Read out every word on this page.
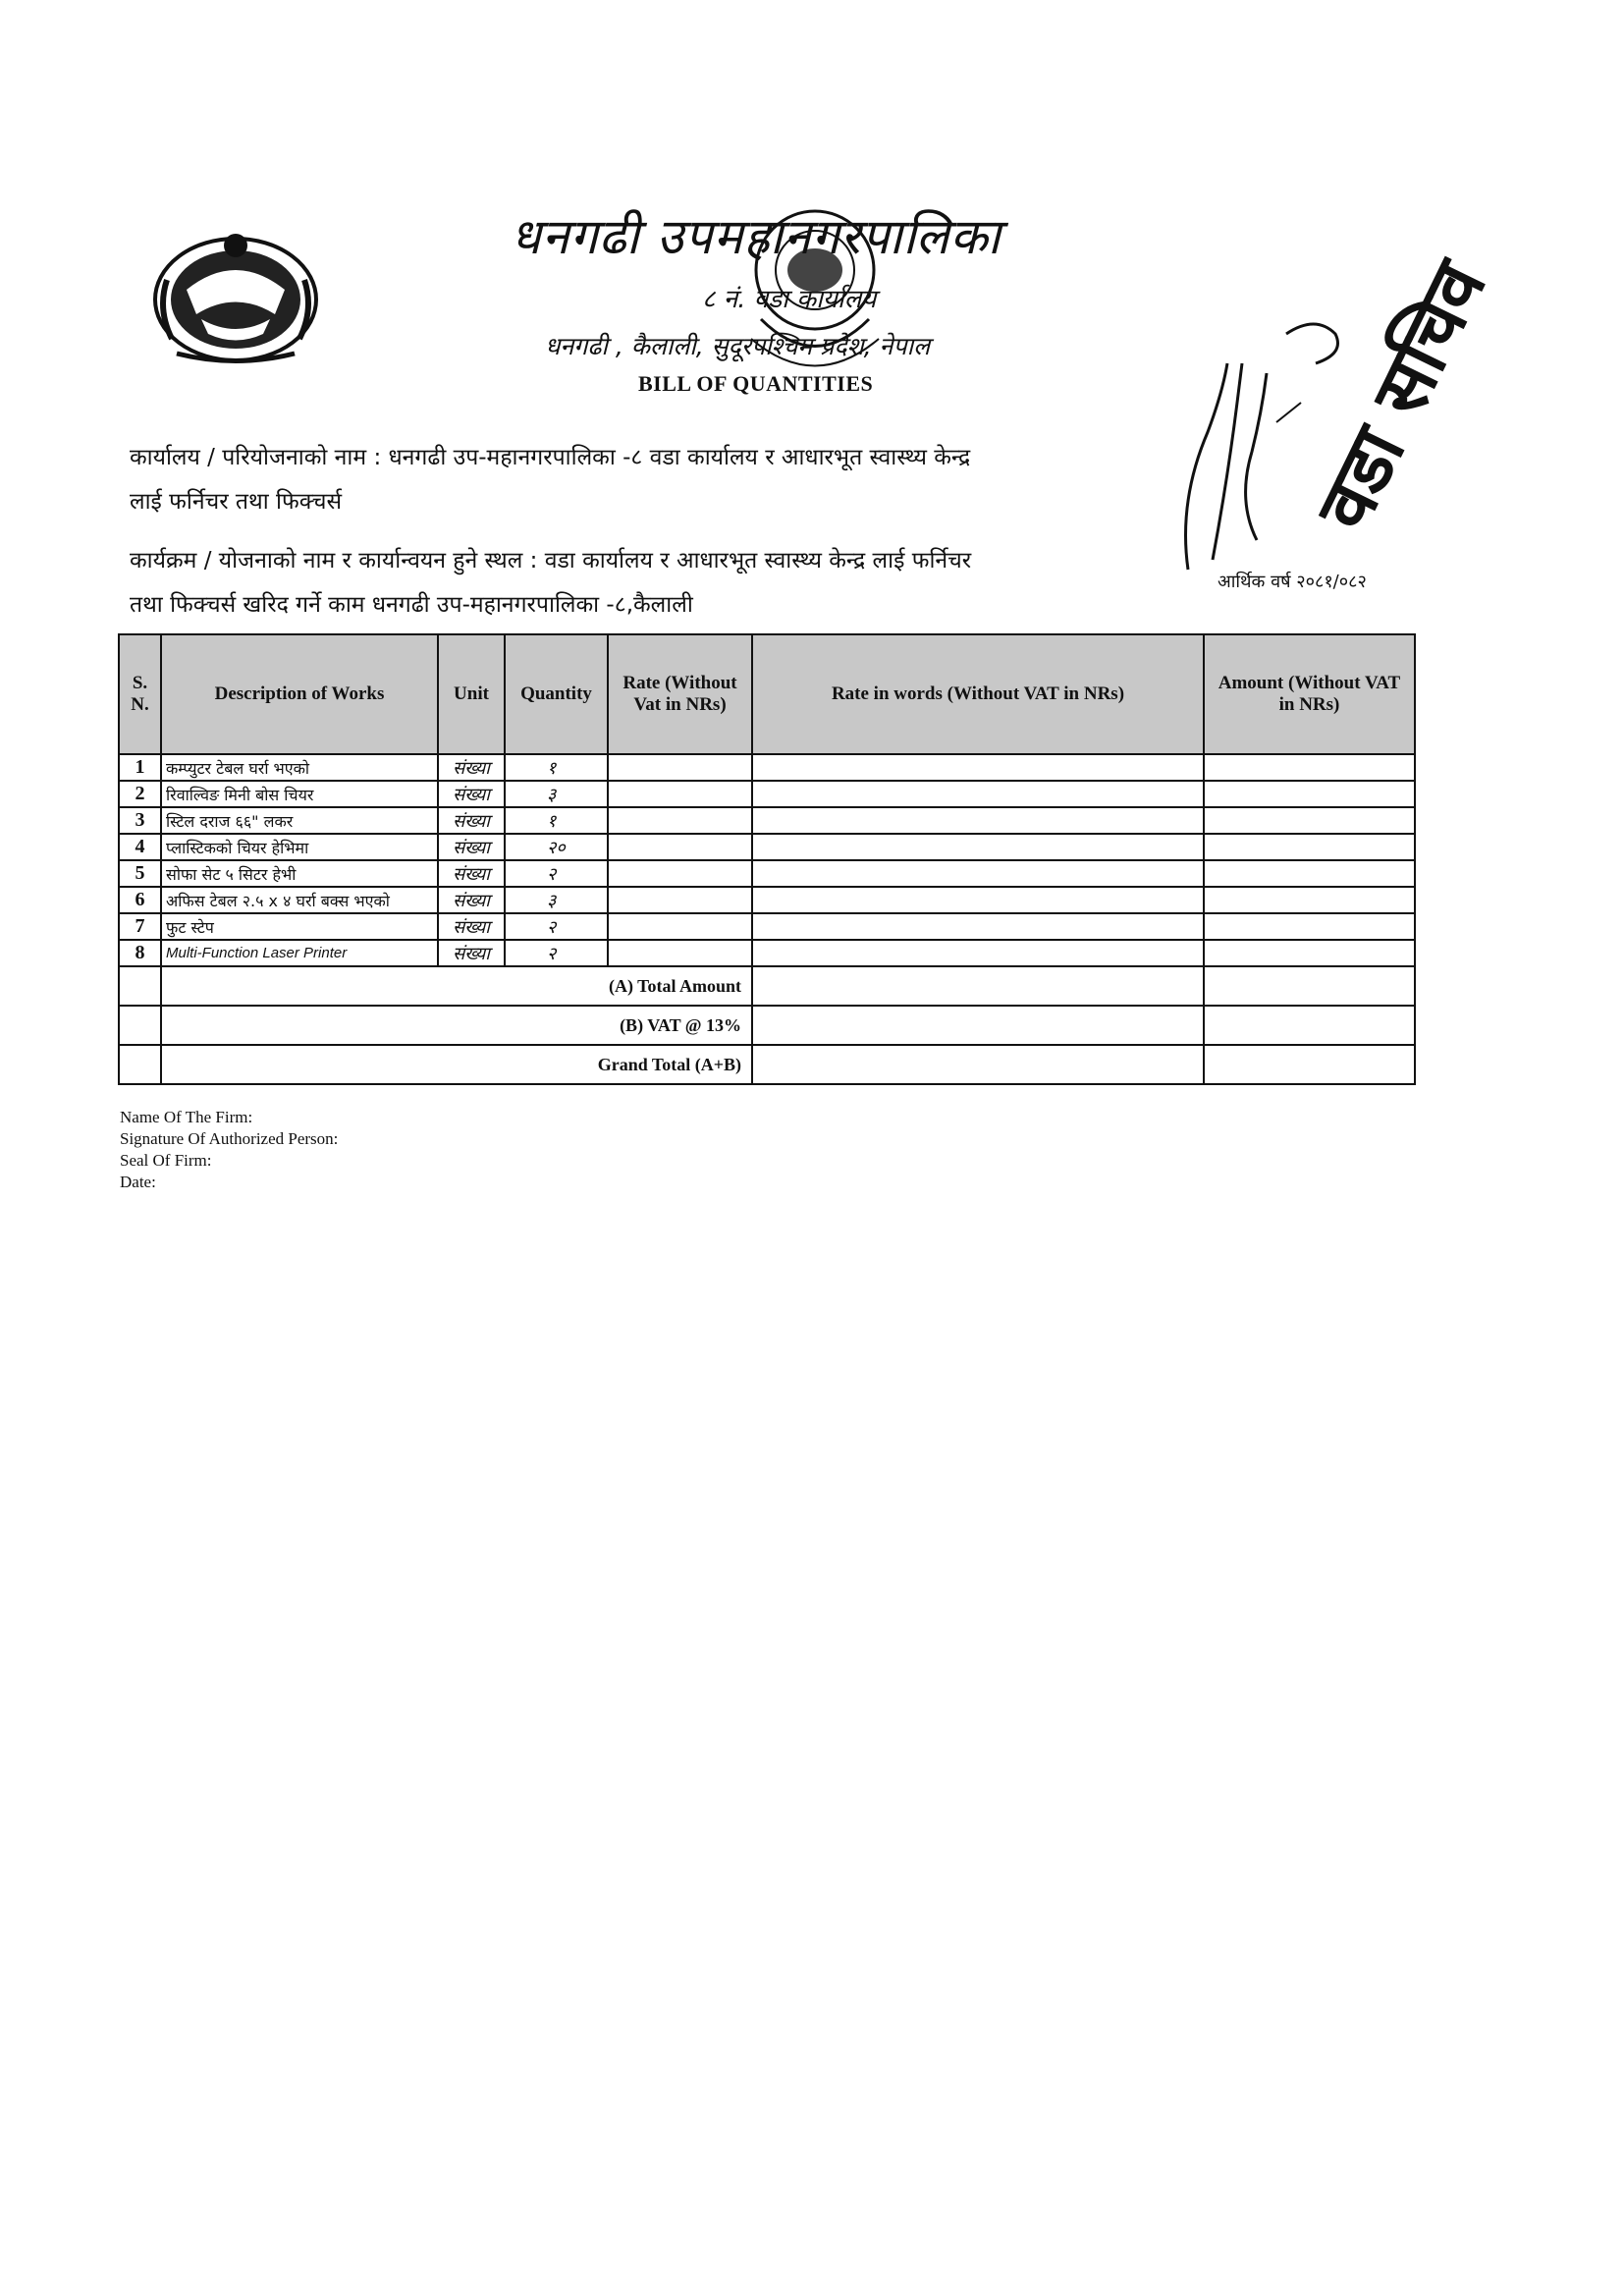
धनगढी उपमहानगरपालिका
८ नं. वडा कार्यालय
धनगढी , कैलाली, सुदूरपश्चिम प्रदेश, नेपाल
BILL OF QUANTITIES	वडा सचिव
आर्थिक वर्ष २०८१/०८२
कार्यालय / परियोजनाको नाम : धनगढी उप-महानगरपालिका -८ वडा कार्यालय र आधारभूत स्वास्थ्य केन्द्र
लाई फर्निचर तथा फिक्चर्स
कार्यक्रम / योजनाको नाम र कार्यान्वयन हुने स्थल : वडा कार्यालय र आधारभूत स्वास्थ्य केन्द्र लाई फर्निचर
तथा फिक्चर्स खरिद गर्ने काम धनगढी उप-महानगरपालिका -८,कैलाली
S. N.	Description of Works	Unit	Quantity	Rate (Without Vat in NRs)	Rate in words (Without VAT in NRs)	Amount (Without VAT in NRs)
1	कम्प्युटर टेबल घर्रा भएको	संख्या	१			
2	रिवाल्विङ मिनी बोस चियर	संख्या	३			
3	स्टिल दराज ६६" लकर	संख्या	१			
4	प्लास्टिकको चियर हेभिमा	संख्या	२०			
5	सोफा सेट ५ सिटर हेभी	संख्या	२			
6	अफिस टेबल २.५ x ४ घर्रा बक्स भएको	संख्या	३			
7	फुट स्टेप	संख्या	२			
8	Multi-Function Laser Printer	संख्या	२			
	(A) Total Amount					
	(B) VAT @ 13%					
	Grand Total (A+B)					
Name Of The Firm:
Signature Of Authorized Person:
Seal Of Firm:
Date:
